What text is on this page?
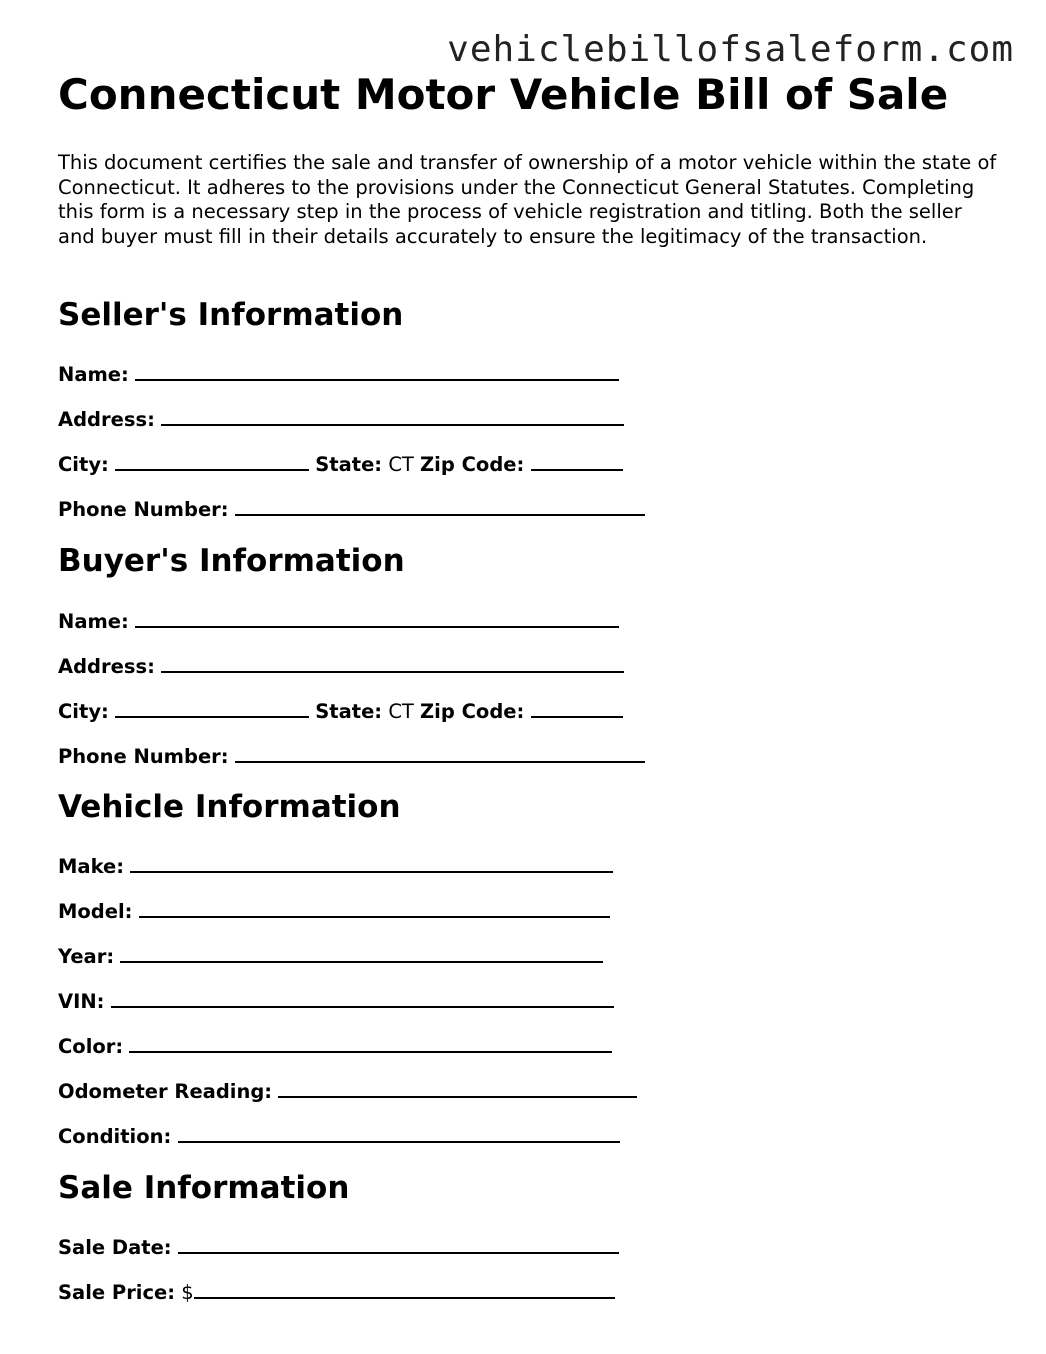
vehiclebillofsaleform.com
Connecticut Motor Vehicle Bill of Sale

This document certifies the sale and transfer of ownership of a motor vehicle within the state of Connecticut. It adheres to the provisions under the Connecticut General Statutes. Completing this form is a necessary step in the process of vehicle registration and titling. Both the seller and buyer must fill in their details accurately to ensure the legitimacy of the transaction.

Seller's Information
Name:
Address:
City:	State: CT Zip Code:
Phone Number:
Buyer's Information
Name:
Address:
City:	State: CT Zip Code:
Phone Number:
Vehicle Information
Make:
Model:
Year:
VIN:
Color:
Odometer Reading:
Condition:
Sale Information
Sale Date:
Sale Price: $
